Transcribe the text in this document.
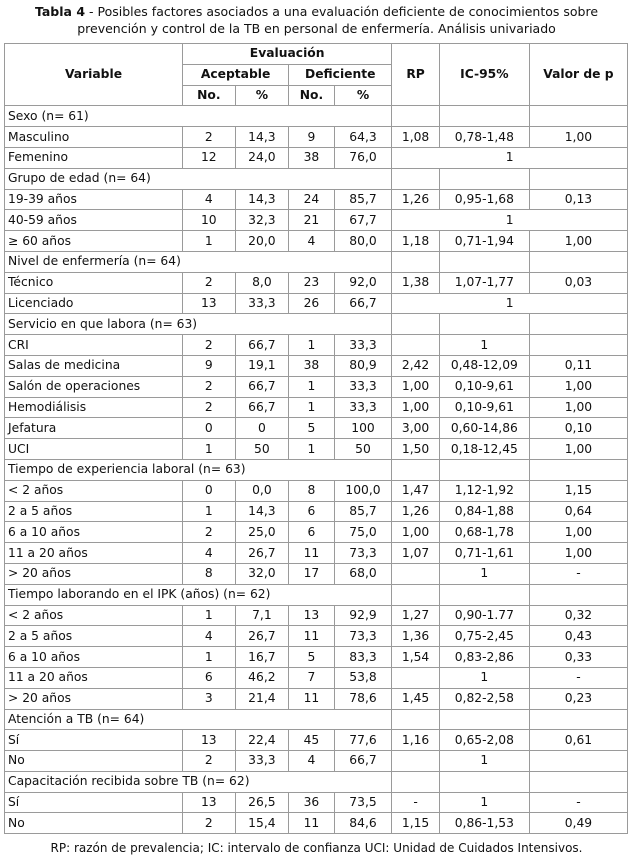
Tabla 4 - Posibles factores asociados a una evaluación deficiente de conocimientos sobre prevención y control de la TB en personal de enfermería. Análisis univariado
Variable	Evaluación				RP	IC-95%	Valor de p
	Aceptable		Deficiente				
	No.	%	No.	%			
Sexo (n= 61)							
Masculino	2	14,3	9	64,3	1,08	0,78-1,48	1,00
Femenino	12	24,0	38	76,0	1		
Grupo de edad (n= 64)							
19-39 años	4	14,3	24	85,7	1,26	0,95-1,68	0,13
40-59 años	10	32,3	21	67,7	1		
≥ 60 años	1	20,0	4	80,0	1,18	0,71-1,94	1,00
Nivel de enfermería (n= 64)							
Técnico	2	8,0	23	92,0	1,38	1,07-1,77	0,03
Licenciado	13	33,3	26	66,7	1		
Servicio en que labora (n= 63)							
CRI	2	66,7	1	33,3		1	
Salas de medicina	9	19,1	38	80,9	2,42	0,48-12,09	0,11
Salón de operaciones	2	66,7	1	33,3	1,00	0,10-9,61	1,00
Hemodiálisis	2	66,7	1	33,3	1,00	0,10-9,61	1,00
Jefatura	0	0	5	100	3,00	0,60-14,86	0,10
UCI	1	50	1	50	1,50	0,18-12,45	1,00
Tiempo de experiencia laboral (n= 63)							
< 2 años	0	0,0	8	100,0	1,47	1,12-1,92	1,15
2 a 5 años	1	14,3	6	85,7	1,26	0,84-1,88	0,64
6 a 10 años	2	25,0	6	75,0	1,00	0,68-1,78	1,00
11 a 20 años	4	26,7	11	73,3	1,07	0,71-1,61	1,00
> 20 años	8	32,0	17	68,0		1	-
Tiempo laborando en el IPK (años) (n= 62)							
< 2 años	1	7,1	13	92,9	1,27	0,90-1.77	0,32
2 a 5 años	4	26,7	11	73,3	1,36	0,75-2,45	0,43
6 a 10 años	1	16,7	5	83,3	1,54	0,83-2,86	0,33
11 a 20 años	6	46,2	7	53,8		1	-
> 20 años	3	21,4	11	78,6	1,45	0,82-2,58	0,23
Atención a TB (n= 64)							
Sí	13	22,4	45	77,6	1,16	0,65-2,08	0,61
No	2	33,3	4	66,7		1	
Capacitación recibida sobre TB (n= 62)							
Sí	13	26,5	36	73,5	-	1	-
No	2	15,4	11	84,6	1,15	0,86-1,53	0,49
RP: razón de prevalencia; IC: intervalo de confianza UCI: Unidad de Cuidados Intensivos.
